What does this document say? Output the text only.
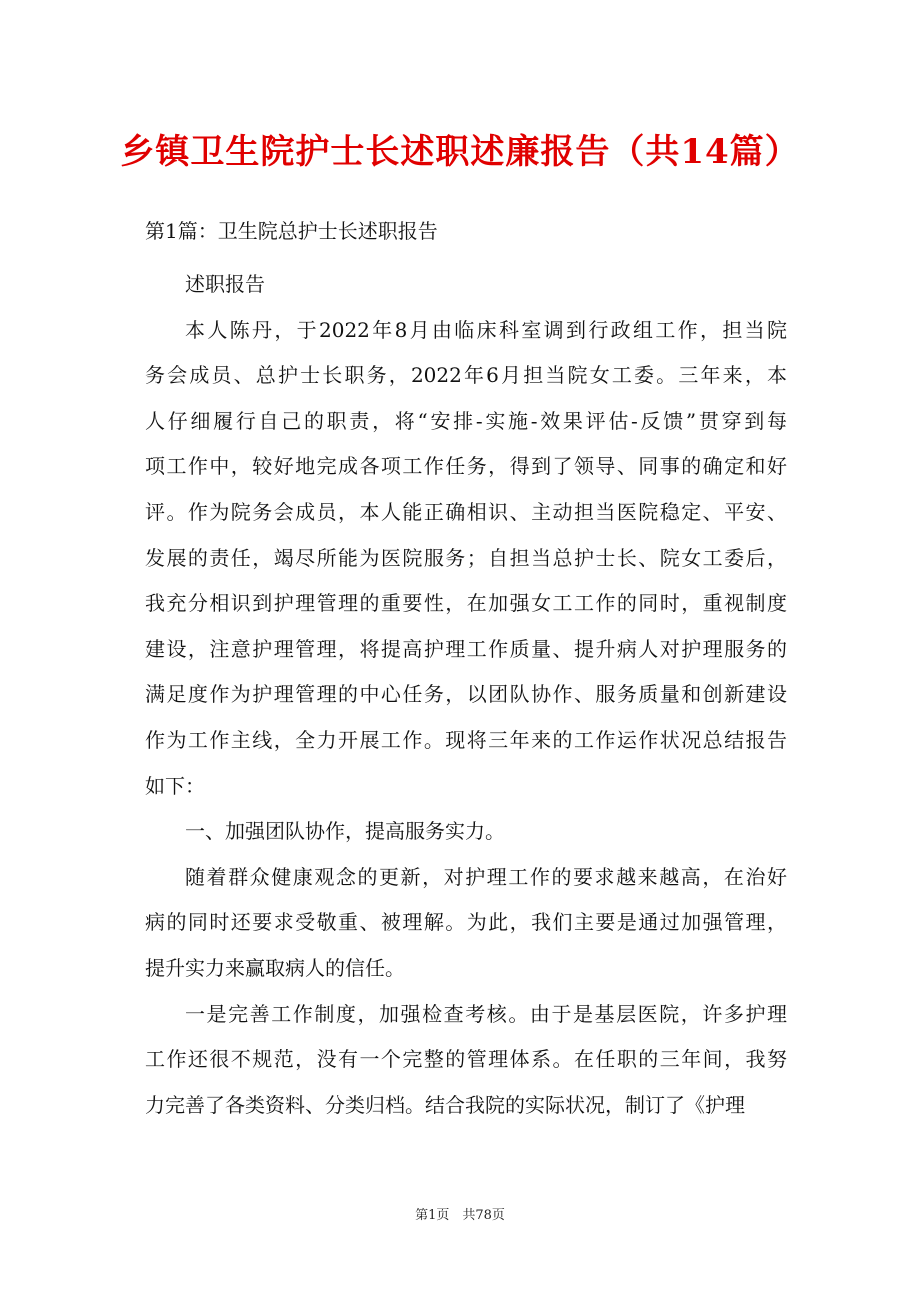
乡镇卫生院护士长述职述廉报告（共14篇）
第1篇：卫生院总护士长述职报告

述职报告

本人陈丹，于2022年8月由临床科室调到行政组工作，担当院
务会成员、总护士长职务，2022年6月担当院女工委。三年来，本
人仔细履行自己的职责，将“安排-实施-效果评估-反馈”贯穿到每
项工作中，较好地完成各项工作任务，得到了领导、同事的确定和好
评。作为院务会成员，本人能正确相识、主动担当医院稳定、平安、
发展的责任，竭尽所能为医院服务；自担当总护士长、院女工委后，
我充分相识到护理管理的重要性，在加强女工工作的同时，重视制度
建设，注意护理管理，将提高护理工作质量、提升病人对护理服务的
满足度作为护理管理的中心任务，以团队协作、服务质量和创新建设
作为工作主线，全力开展工作。现将三年来的工作运作状况总结报告
如下：

一、加强团队协作，提高服务实力。

随着群众健康观念的更新，对护理工作的要求越来越高，在治好
病的同时还要求受敬重、被理解。为此，我们主要是通过加强管理，
提升实力来赢取病人的信任。

一是完善工作制度，加强检查考核。由于是基层医院，许多护理
工作还很不规范，没有一个完整的管理体系。在任职的三年间，我努
力完善了各类资料、分类归档。结合我院的实际状况，制订了《护理

第1页　共78页
